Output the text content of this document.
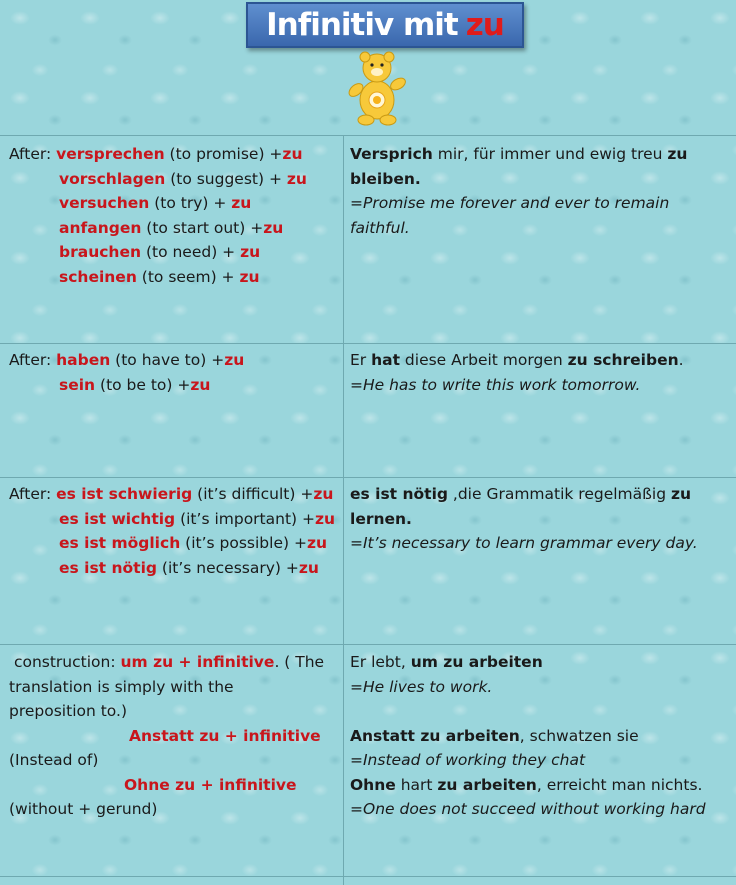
Infinitiv mit zu
After: versprechen (to promise) +zu
vorschlagen (to suggest) + zu
versuchen (to try) + zu
anfangen (to start out) +zu
brauchen (to need) + zu
scheinen (to seem) + zu
Versprich mir, für immer und ewig treu zu
bleiben.
=Promise me forever and ever to remain
faithful.
After: haben (to have to) +zu
sein (to be to) +zu
Er hat diese Arbeit morgen zu schreiben.
=He has to write this work tomorrow.
After: es ist schwierig (it’s difficult) +zu
es ist wichtig (it’s important) +zu
es ist möglich (it’s possible) +zu
es ist nötig (it’s necessary) +zu
es ist nötig ,die Grammatik regelmäßig zu
lernen.
=It’s necessary to learn grammar every day.
construction: um zu + infinitive. ( The
translation is simply with the
preposition to.)
Anstatt zu + infinitive
(Instead of)
Ohne zu + infinitive
(without + gerund)
Er lebt, um zu arbeiten
=He lives to work.

Anstatt zu arbeiten, schwatzen sie
=Instead of working they chat
Ohne hart zu arbeiten, erreicht man nichts.
=One does not succeed without working hard
